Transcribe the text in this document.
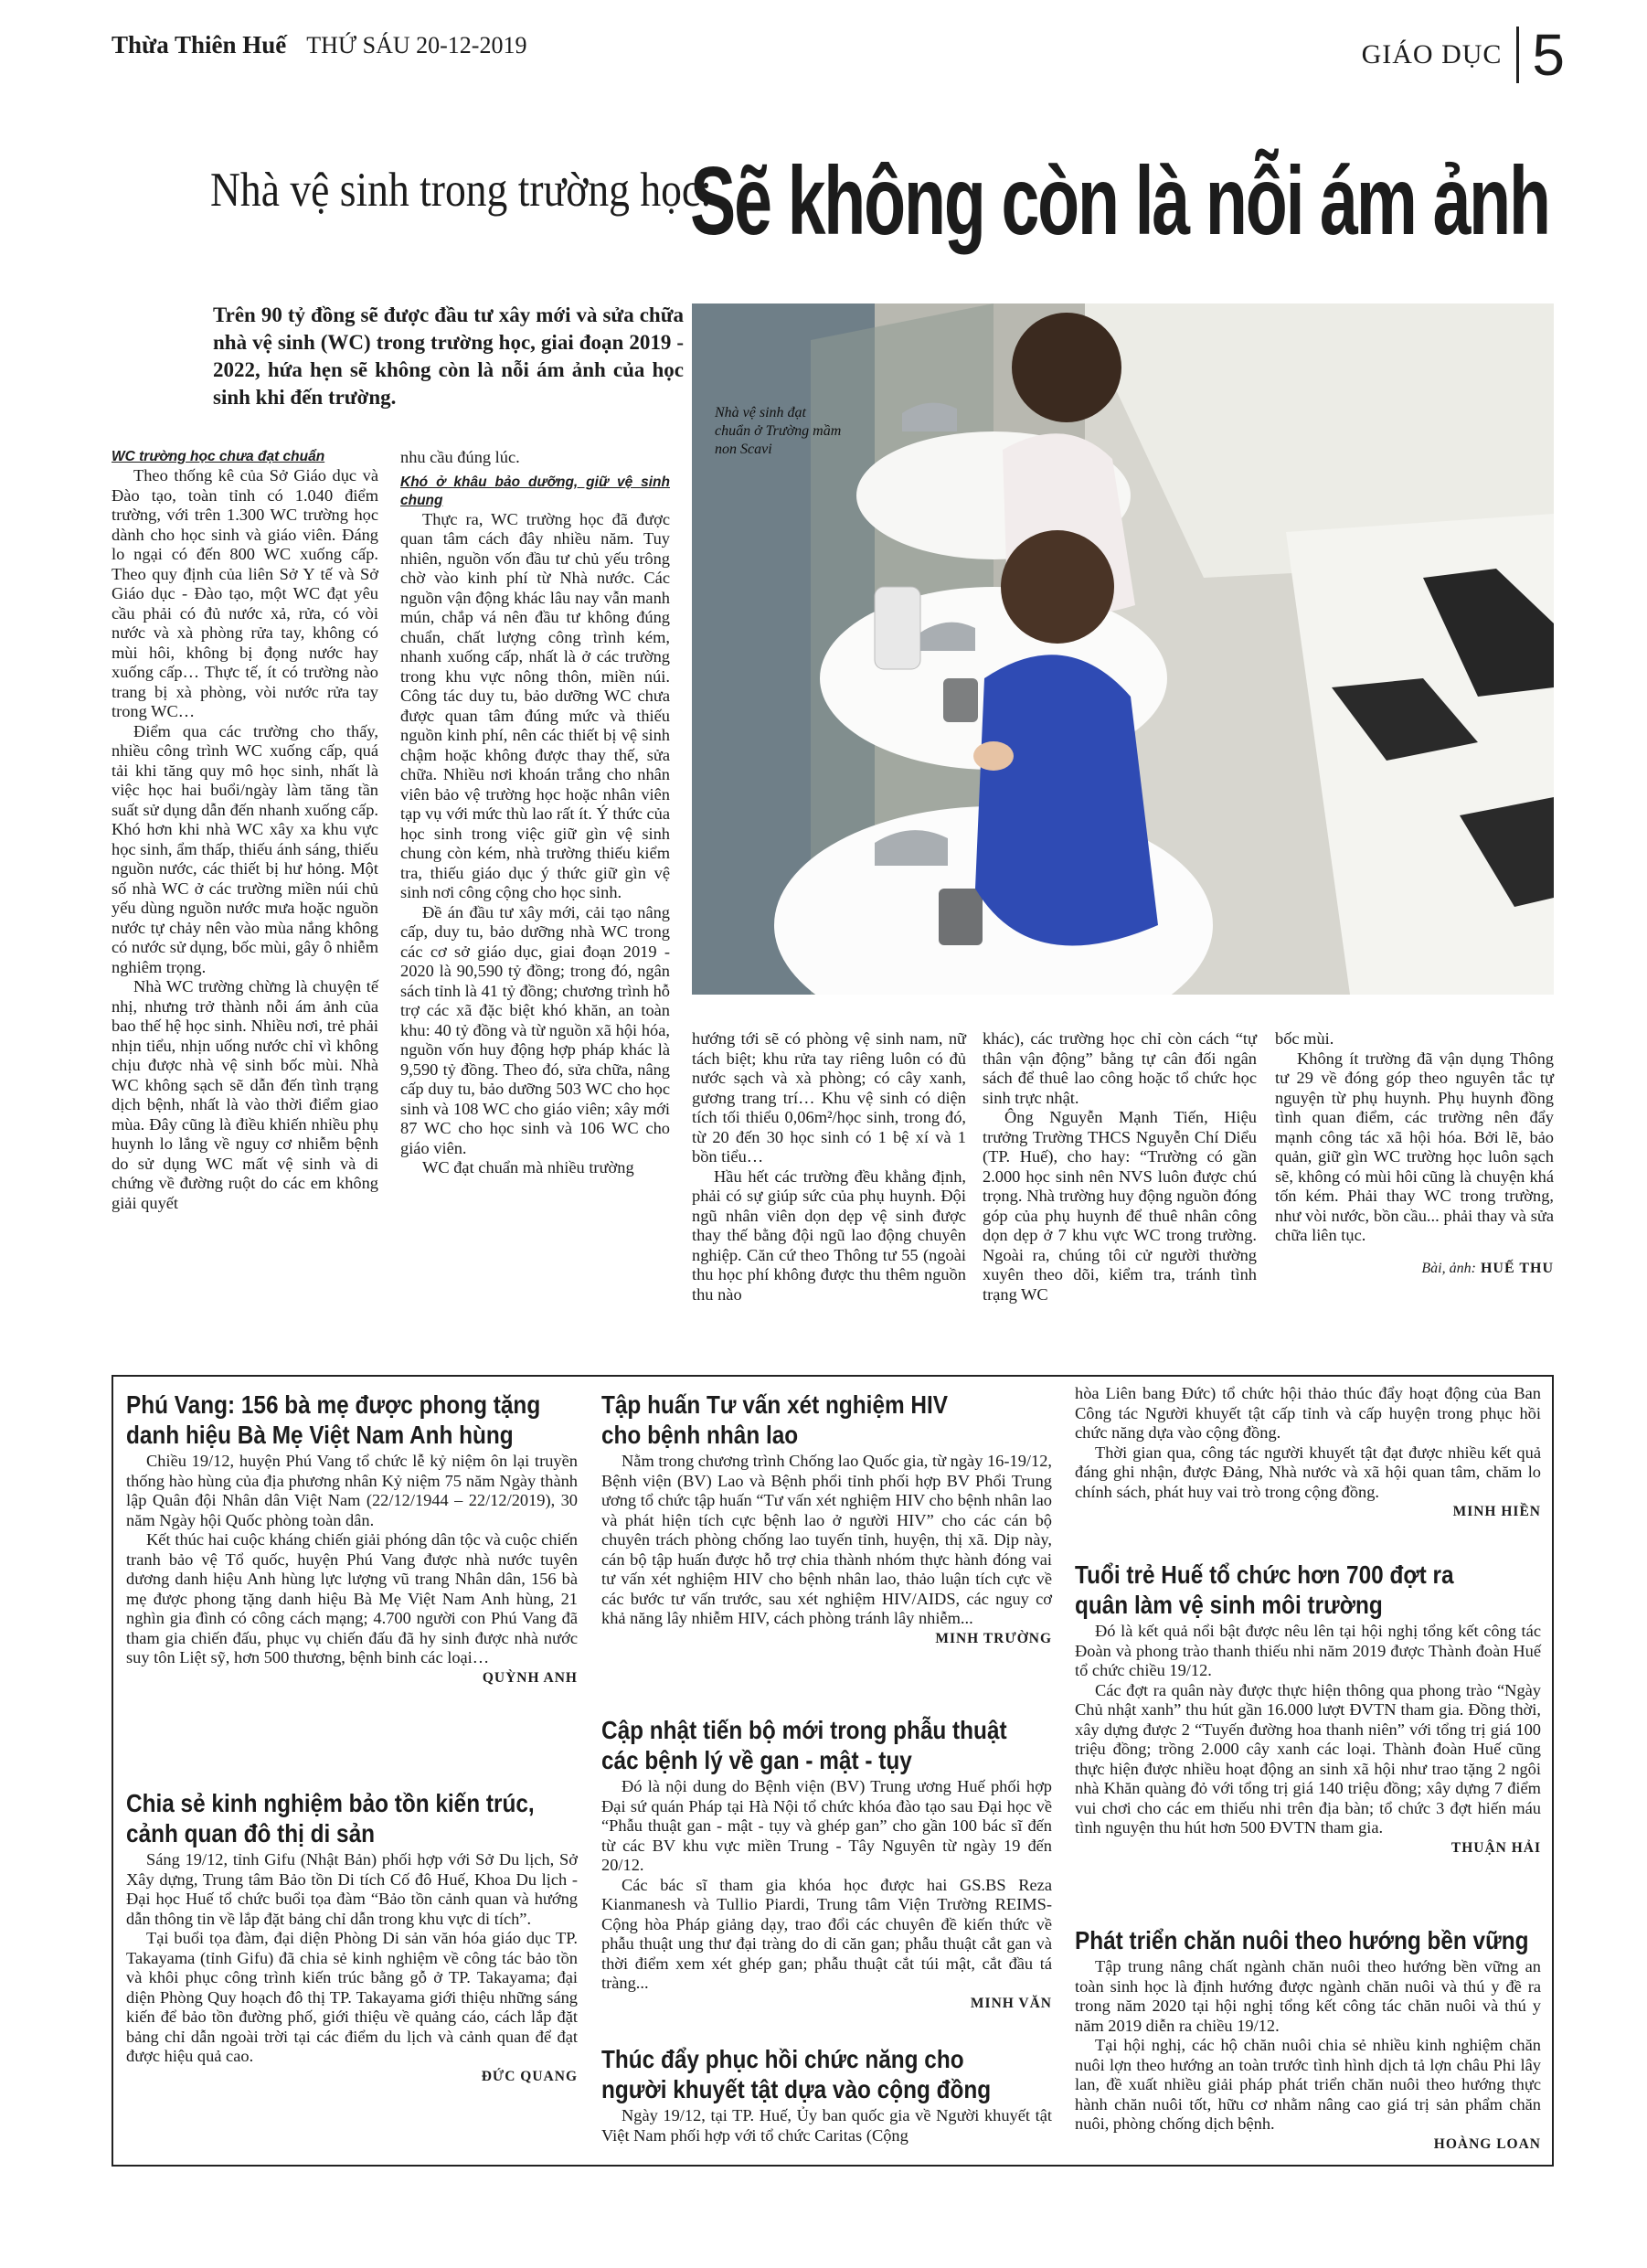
Thừa Thiên Huế THỨ SÁU 20-12-2019	GIÁO DỤC 5
Nhà vệ sinh trong trường học:
Sẽ không còn là nỗi ám ảnh
Trên 90 tỷ đồng sẽ được đầu tư xây mới và sửa chữa nhà vệ sinh (WC) trong trường học, giai đoạn 2019 - 2022, hứa hẹn sẽ không còn là nỗi ám ảnh của học sinh khi đến trường.
Nhà vệ sinh đạt chuẩn ở Trường mầm non Scavi

WC trường học chưa đạt chuẩn

Theo thống kê của Sở Giáo dục và Đào tạo, toàn tỉnh có 1.040 điểm trường, với trên 1.300 WC trường học dành cho học sinh và giáo viên. Đáng lo ngại có đến 800 WC xuống cấp. Theo quy định của liên Sở Y tế và Sở Giáo dục - Đào tạo, một WC đạt yêu cầu phải có đủ nước xả, rửa, có vòi nước và xà phòng rửa tay, không có mùi hôi, không bị đọng nước hay xuống cấp… Thực tế, ít có trường nào trang bị xà phòng, vòi nước rửa tay trong WC…

Điểm qua các trường cho thấy, nhiều công trình WC xuống cấp, quá tải khi tăng quy mô học sinh, nhất là việc học hai buổi/ngày làm tăng tần suất sử dụng dẫn đến nhanh xuống cấp. Khó hơn khi nhà WC xây xa khu vực học sinh, ẩm thấp, thiếu ánh sáng, thiếu nguồn nước, các thiết bị hư hỏng. Một số nhà WC ở các trường miền núi chủ yếu dùng nguồn nước mưa hoặc nguồn nước tự chảy nên vào mùa nắng không có nước sử dụng, bốc mùi, gây ô nhiễm nghiêm trọng.

Nhà WC trường chừng là chuyện tế nhị, nhưng trở thành nỗi ám ảnh của bao thế hệ học sinh. Nhiều nơi, trẻ phải nhịn tiểu, nhịn uống nước chỉ vì không chịu được nhà vệ sinh bốc mùi. Nhà WC không sạch sẽ dẫn đến tình trạng dịch bệnh, nhất là vào thời điểm giao mùa. Đây cũng là điều khiến nhiều phụ huynh lo lắng về nguy cơ nhiễm bệnh do sử dụng WC mất vệ sinh và di chứng về đường ruột do các em không giải quyết

nhu cầu đúng lúc.

Khó ở khâu bảo dưỡng, giữ vệ sinh chung

Thực ra, WC trường học đã được quan tâm cách đây nhiều năm. Tuy nhiên, nguồn vốn đầu tư chủ yếu trông chờ vào kinh phí từ Nhà nước. Các nguồn vận động khác lâu nay vẫn manh mún, chắp vá nên đầu tư không đúng chuẩn, chất lượng công trình kém, nhanh xuống cấp, nhất là ở các trường trong khu vực nông thôn, miền núi. Công tác duy tu, bảo dưỡng WC chưa được quan tâm đúng mức và thiếu nguồn kinh phí, nên các thiết bị vệ sinh chậm hoặc không được thay thế, sửa chữa. Nhiều nơi khoán trắng cho nhân viên bảo vệ trường học hoặc nhân viên tạp vụ với mức thù lao rất ít. Ý thức của học sinh trong việc giữ gìn vệ sinh chung còn kém, nhà trường thiếu kiểm tra, thiếu giáo dục ý thức giữ gìn vệ sinh nơi công cộng cho học sinh.

Đề án đầu tư xây mới, cải tạo nâng cấp, duy tu, bảo dưỡng nhà WC trong các cơ sở giáo dục, giai đoạn 2019 - 2020 là 90,590 tỷ đồng; trong đó, ngân sách tỉnh là 41 tỷ đồng; chương trình hỗ trợ các xã đặc biệt khó khăn, an toàn khu: 40 tỷ đồng và từ nguồn xã hội hóa, nguồn vốn huy động hợp pháp khác là 9,590 tỷ đồng. Theo đó, sửa chữa, nâng cấp duy tu, bảo dưỡng 503 WC cho học sinh và 108 WC cho giáo viên; xây mới 87 WC cho học sinh và 106 WC cho giáo viên.

WC đạt chuẩn mà nhiều trường

hướng tới sẽ có phòng vệ sinh nam, nữ tách biệt; khu rửa tay riêng luôn có đủ nước sạch và xà phòng; có cây xanh, gương trang trí… Khu vệ sinh có diện tích tối thiểu 0,06m²/học sinh, trong đó, từ 20 đến 30 học sinh có 1 bệ xí và 1 bồn tiểu…

Hầu hết các trường đều khẳng định, phải có sự giúp sức của phụ huynh. Đội ngũ nhân viên dọn dẹp vệ sinh được thay thế bằng đội ngũ lao động chuyên nghiệp. Căn cứ theo Thông tư 55 (ngoài thu học phí không được thu thêm nguồn thu nào

khác), các trường học chỉ còn cách “tự thân vận động” bằng tự cân đối ngân sách để thuê lao công hoặc tổ chức học sinh trực nhật.

Ông Nguyễn Mạnh Tiến, Hiệu trưởng Trường THCS Nguyễn Chí Diểu (TP. Huế), cho hay: “Trường có gần 2.000 học sinh nên NVS luôn được chú trọng. Nhà trường huy động nguồn đóng góp của phụ huynh để thuê nhân công dọn dẹp ở 7 khu vực WC trong trường. Ngoài ra, chúng tôi cử người thường xuyên theo dõi, kiểm tra, tránh tình trạng WC

bốc mùi.

Không ít trường đã vận dụng Thông tư 29 về đóng góp theo nguyên tắc tự nguyện từ phụ huynh. Phụ huynh đồng tình quan điểm, các trường nên đẩy mạnh công tác xã hội hóa. Bởi lẽ, bảo quản, giữ gìn WC trường học luôn sạch sẽ, không có mùi hôi cũng là chuyện khá tốn kém. Phải thay WC trong trường, như vòi nước, bồn cầu... phải thay và sửa chữa liên tục.

Bài, ảnh: HUẾ THU
Phú Vang: 156 bà mẹ được phong tặng
danh hiệu Bà Mẹ Việt Nam Anh hùng

Chiều 19/12, huyện Phú Vang tổ chức lễ kỷ niệm ôn lại truyền thống hào hùng của địa phương nhân Kỷ niệm 75 năm Ngày thành lập Quân đội Nhân dân Việt Nam (22/12/1944 – 22/12/2019), 30 năm Ngày hội Quốc phòng toàn dân.

Kết thúc hai cuộc kháng chiến giải phóng dân tộc và cuộc chiến tranh bảo vệ Tổ quốc, huyện Phú Vang được nhà nước tuyên dương danh hiệu Anh hùng lực lượng vũ trang Nhân dân, 156 bà mẹ được phong tặng danh hiệu Bà Mẹ Việt Nam Anh hùng, 21 nghìn gia đình có công cách mạng; 4.700 người con Phú Vang đã tham gia chiến đấu, phục vụ chiến đấu đã hy sinh được nhà nước suy tôn Liệt sỹ, hơn 500 thương, bệnh binh các loại…

QUỲNH ANH
Chia sẻ kinh nghiệm bảo tồn kiến trúc,
cảnh quan đô thị di sản

Sáng 19/12, tỉnh Gifu (Nhật Bản) phối hợp với Sở Du lịch, Sở Xây dựng, Trung tâm Bảo tồn Di tích Cố đô Huế, Khoa Du lịch - Đại học Huế tổ chức buổi tọa đàm “Bảo tồn cảnh quan và hướng dẫn thông tin về lắp đặt bảng chỉ dẫn trong khu vực di tích”.

Tại buổi tọa đàm, đại diện Phòng Di sản văn hóa giáo dục TP. Takayama (tỉnh Gifu) đã chia sẻ kinh nghiệm về công tác bảo tồn và khôi phục công trình kiến trúc bằng gỗ ở TP. Takayama; đại diện Phòng Quy hoạch đô thị TP. Takayama giới thiệu những sáng kiến để bảo tồn đường phố, giới thiệu về quảng cáo, cách lắp đặt bảng chỉ dẫn ngoài trời tại các điểm du lịch và cảnh quan để đạt được hiệu quả cao.

ĐỨC QUANG
Tập huấn Tư vấn xét nghiệm HIV
cho bệnh nhân lao

Nằm trong chương trình Chống lao Quốc gia, từ ngày 16-19/12, Bệnh viện (BV) Lao và Bệnh phổi tỉnh phối hợp BV Phổi Trung ương tổ chức tập huấn “Tư vấn xét nghiệm HIV cho bệnh nhân lao và phát hiện tích cực bệnh lao ở người HIV” cho các cán bộ chuyên trách phòng chống lao tuyến tỉnh, huyện, thị xã. Dịp này, cán bộ tập huấn được hỗ trợ chia thành nhóm thực hành đóng vai tư vấn xét nghiệm HIV cho bệnh nhân lao, thảo luận tích cực về các bước tư vấn trước, sau xét nghiệm HIV/AIDS, các nguy cơ khả năng lây nhiễm HIV, cách phòng tránh lây nhiễm...

MINH TRƯỜNG
Cập nhật tiến bộ mới trong phẫu thuật
các bệnh lý về gan - mật - tụy

Đó là nội dung do Bệnh viện (BV) Trung ương Huế phối hợp Đại sứ quán Pháp tại Hà Nội tổ chức khóa đào tạo sau Đại học về “Phẫu thuật gan - mật - tụy và ghép gan” cho gần 100 bác sĩ đến từ các BV khu vực miền Trung - Tây Nguyên từ ngày 19 đến 20/12.

Các bác sĩ tham gia khóa học được hai GS.BS Reza Kianmanesh và Tullio Piardi, Trung tâm Viện Trường REIMS- Cộng hòa Pháp giảng dạy, trao đổi các chuyên đề kiến thức về phẫu thuật ung thư đại tràng do di căn gan; phẫu thuật cắt gan và thời điểm xem xét ghép gan; phẫu thuật cắt túi mật, cắt đầu tá tràng...

MINH VĂN
Thúc đẩy phục hồi chức năng cho
người khuyết tật dựa vào cộng đồng

Ngày 19/12, tại TP. Huế, Ủy ban quốc gia về Người khuyết tật Việt Nam phối hợp với tổ chức Caritas (Cộng

hòa Liên bang Đức) tổ chức hội thảo thúc đẩy hoạt động của Ban Công tác Người khuyết tật cấp tỉnh và cấp huyện trong phục hồi chức năng dựa vào cộng đồng.

Thời gian qua, công tác người khuyết tật đạt được nhiều kết quả đáng ghi nhận, được Đảng, Nhà nước và xã hội quan tâm, chăm lo chính sách, phát huy vai trò trong cộng đồng.

MINH HIỀN
Tuổi trẻ Huế tổ chức hơn 700 đợt ra
quân làm vệ sinh môi trường

Đó là kết quả nổi bật được nêu lên tại hội nghị tổng kết công tác Đoàn và phong trào thanh thiếu nhi năm 2019 được Thành đoàn Huế tổ chức chiều 19/12.

Các đợt ra quân này được thực hiện thông qua phong trào “Ngày Chủ nhật xanh” thu hút gần 16.000 lượt ĐVTN tham gia. Đồng thời, xây dựng được 2 “Tuyến đường hoa thanh niên” với tổng trị giá 100 triệu đồng; trồng 2.000 cây xanh các loại. Thành đoàn Huế cũng thực hiện được nhiều hoạt động an sinh xã hội như trao tặng 2 ngôi nhà Khăn quàng đỏ với tổng trị giá 140 triệu đồng; xây dựng 7 điểm vui chơi cho các em thiếu nhi trên địa bàn; tổ chức 3 đợt hiến máu tình nguyện thu hút hơn 500 ĐVTN tham gia.

THUẬN HẢI
Phát triển chăn nuôi theo hướng bền vững

Tập trung nâng chất ngành chăn nuôi theo hướng bền vững an toàn sinh học là định hướng được ngành chăn nuôi và thú y đề ra trong năm 2020 tại hội nghị tổng kết công tác chăn nuôi và thú y năm 2019 diễn ra chiều 19/12.

Tại hội nghị, các hộ chăn nuôi chia sẻ nhiều kinh nghiệm chăn nuôi lợn theo hướng an toàn trước tình hình dịch tả lợn châu Phi lây lan, đề xuất nhiều giải pháp phát triển chăn nuôi theo hướng thực hành chăn nuôi tốt, hữu cơ nhằm nâng cao giá trị sản phẩm chăn nuôi, phòng chống dịch bệnh.

HOÀNG LOAN
